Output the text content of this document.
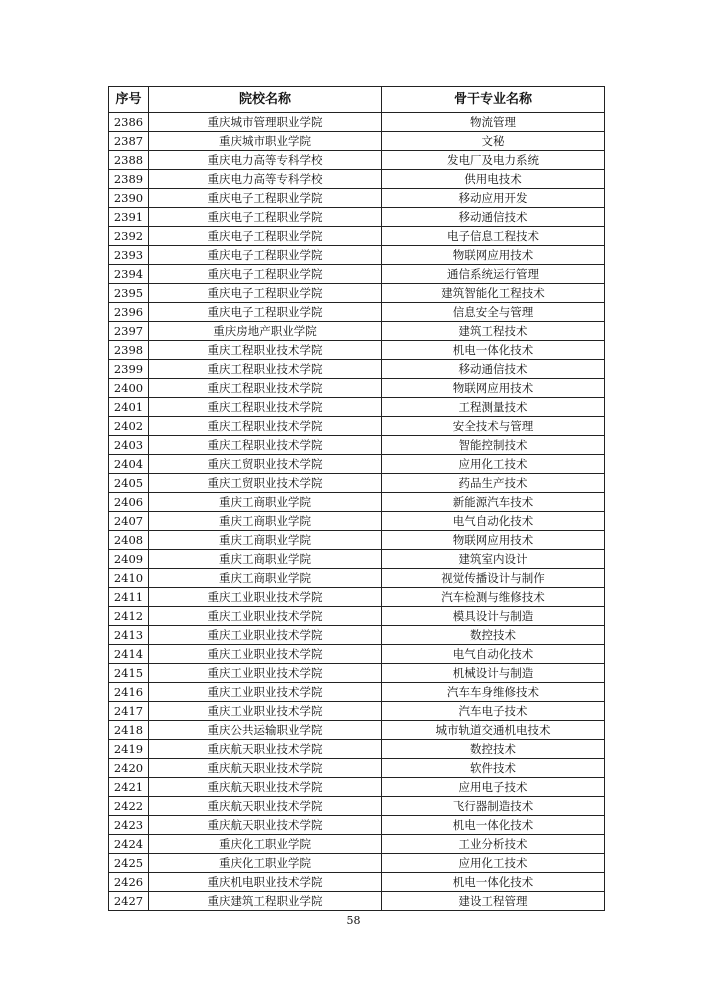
序号	院校名称	骨干专业名称
2386	重庆城市管理职业学院	物流管理
2387	重庆城市职业学院	文秘
2388	重庆电力高等专科学校	发电厂及电力系统
2389	重庆电力高等专科学校	供用电技术
2390	重庆电子工程职业学院	移动应用开发
2391	重庆电子工程职业学院	移动通信技术
2392	重庆电子工程职业学院	电子信息工程技术
2393	重庆电子工程职业学院	物联网应用技术
2394	重庆电子工程职业学院	通信系统运行管理
2395	重庆电子工程职业学院	建筑智能化工程技术
2396	重庆电子工程职业学院	信息安全与管理
2397	重庆房地产职业学院	建筑工程技术
2398	重庆工程职业技术学院	机电一体化技术
2399	重庆工程职业技术学院	移动通信技术
2400	重庆工程职业技术学院	物联网应用技术
2401	重庆工程职业技术学院	工程测量技术
2402	重庆工程职业技术学院	安全技术与管理
2403	重庆工程职业技术学院	智能控制技术
2404	重庆工贸职业技术学院	应用化工技术
2405	重庆工贸职业技术学院	药品生产技术
2406	重庆工商职业学院	新能源汽车技术
2407	重庆工商职业学院	电气自动化技术
2408	重庆工商职业学院	物联网应用技术
2409	重庆工商职业学院	建筑室内设计
2410	重庆工商职业学院	视觉传播设计与制作
2411	重庆工业职业技术学院	汽车检测与维修技术
2412	重庆工业职业技术学院	模具设计与制造
2413	重庆工业职业技术学院	数控技术
2414	重庆工业职业技术学院	电气自动化技术
2415	重庆工业职业技术学院	机械设计与制造
2416	重庆工业职业技术学院	汽车车身维修技术
2417	重庆工业职业技术学院	汽车电子技术
2418	重庆公共运输职业学院	城市轨道交通机电技术
2419	重庆航天职业技术学院	数控技术
2420	重庆航天职业技术学院	软件技术
2421	重庆航天职业技术学院	应用电子技术
2422	重庆航天职业技术学院	飞行器制造技术
2423	重庆航天职业技术学院	机电一体化技术
2424	重庆化工职业学院	工业分析技术
2425	重庆化工职业学院	应用化工技术
2426	重庆机电职业技术学院	机电一体化技术
2427	重庆建筑工程职业学院	建设工程管理
58
